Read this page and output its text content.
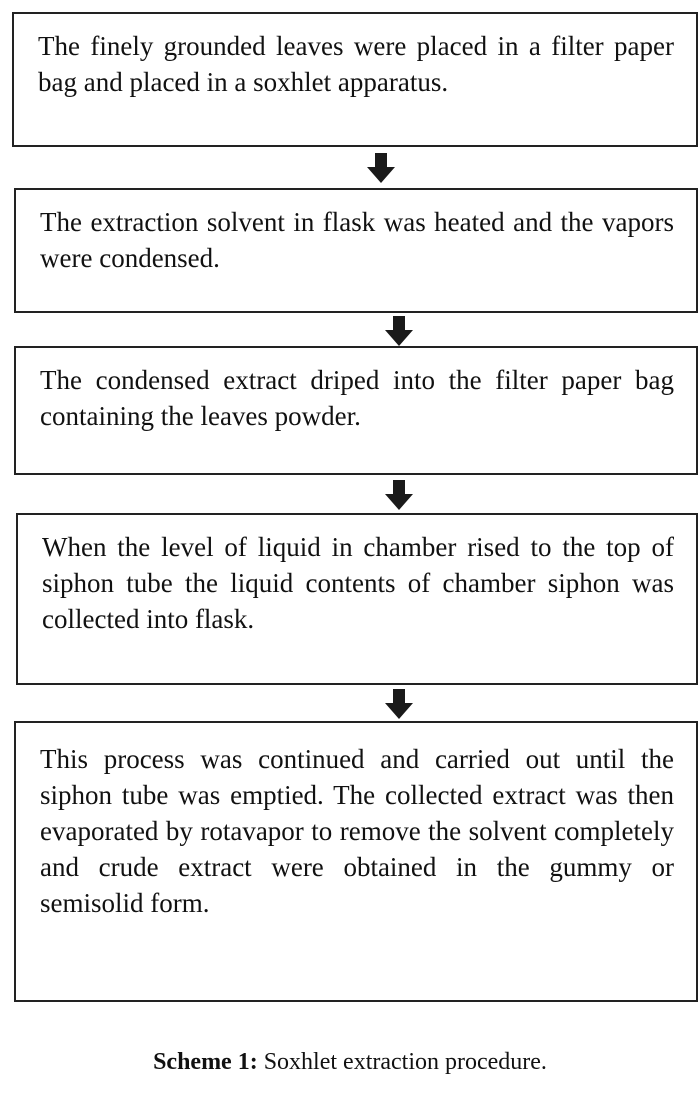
The finely grounded leaves were placed in a filter paper bag and placed in a soxhlet apparatus.
The extraction solvent in flask was heated and the vapors were condensed.
The condensed extract driped into the filter paper bag containing the leaves powder.
When the level of liquid in chamber rised to the top of siphon tube the liquid contents of chamber siphon was collected into flask.
This process was continued and carried out until the siphon tube was emptied. The collected extract was then evaporated by rotavapor to remove the solvent completely and crude extract were obtained in the gummy or semisolid form.
Scheme 1: Soxhlet extraction procedure.
